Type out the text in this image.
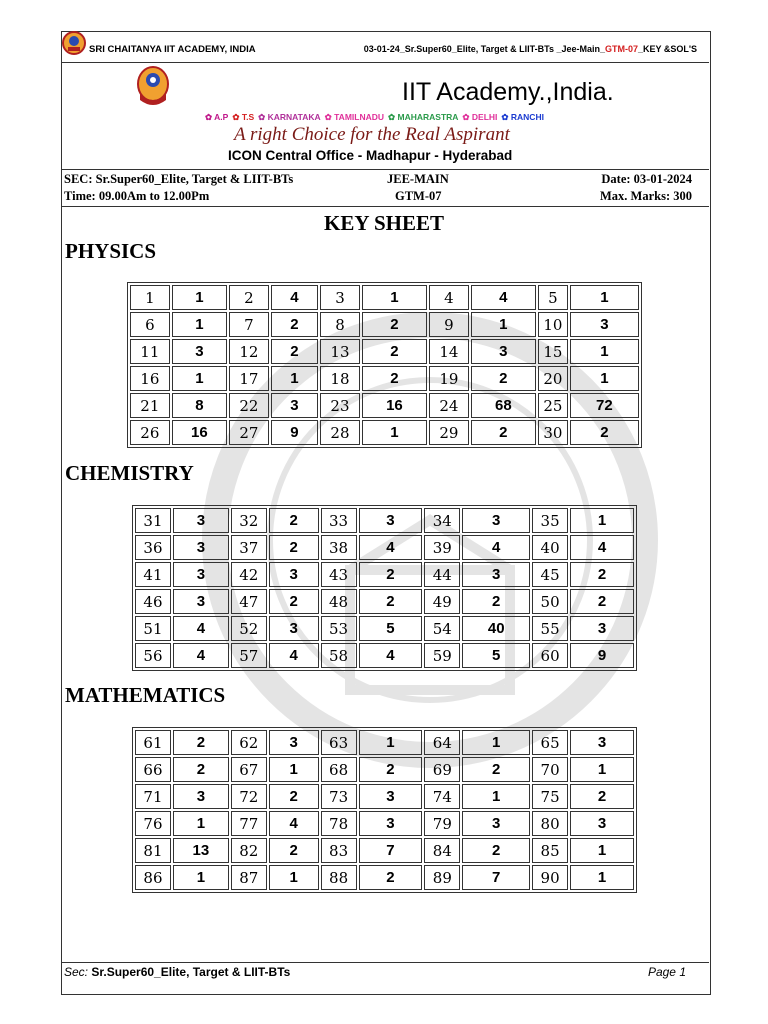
SRI CHAITANYA IIT ACADEMY, INDIA	03-01-24_Sr.Super60_Elite, Target & LIIT-BTs _Jee-Main_GTM-07_KEY &SOL'S
IIT Academy.,India.
✿ A.P ✿ T.S ✿ KARNATAKA ✿ TAMILNADU ✿ MAHARASTRA ✿ DELHI ✿ RANCHI
A right Choice for the Real Aspirant
ICON Central Office - Madhapur - Hyderabad
SEC: Sr.Super60_Elite, Target & LIIT-BTs
Time: 09.00Am to 12.00Pm
JEE-MAIN
GTM-07
Date: 03-01-2024
Max. Marks: 300
KEY SHEET
PHYSICS
CHEMISTRY
MATHEMATICS
1	1	2	4	3	1	4	4	5	1
6	1	7	2	8	2	9	1	10	3
11	3	12	2	13	2	14	3	15	1
16	1	17	1	18	2	19	2	20	1
21	8	22	3	23	16	24	68	25	72
26	16	27	9	28	1	29	2	30	2
31	3	32	2	33	3	34	3	35	1
36	3	37	2	38	4	39	4	40	4
41	3	42	3	43	2	44	3	45	2
46	3	47	2	48	2	49	2	50	2
51	4	52	3	53	5	54	40	55	3
56	4	57	4	58	4	59	5	60	9
61	2	62	3	63	1	64	1	65	3
66	2	67	1	68	2	69	2	70	1
71	3	72	2	73	3	74	1	75	2
76	1	77	4	78	3	79	3	80	3
81	13	82	2	83	7	84	2	85	1
86	1	87	1	88	2	89	7	90	1
Sec: Sr.Super60_Elite, Target & LIIT-BTs	Page 1
